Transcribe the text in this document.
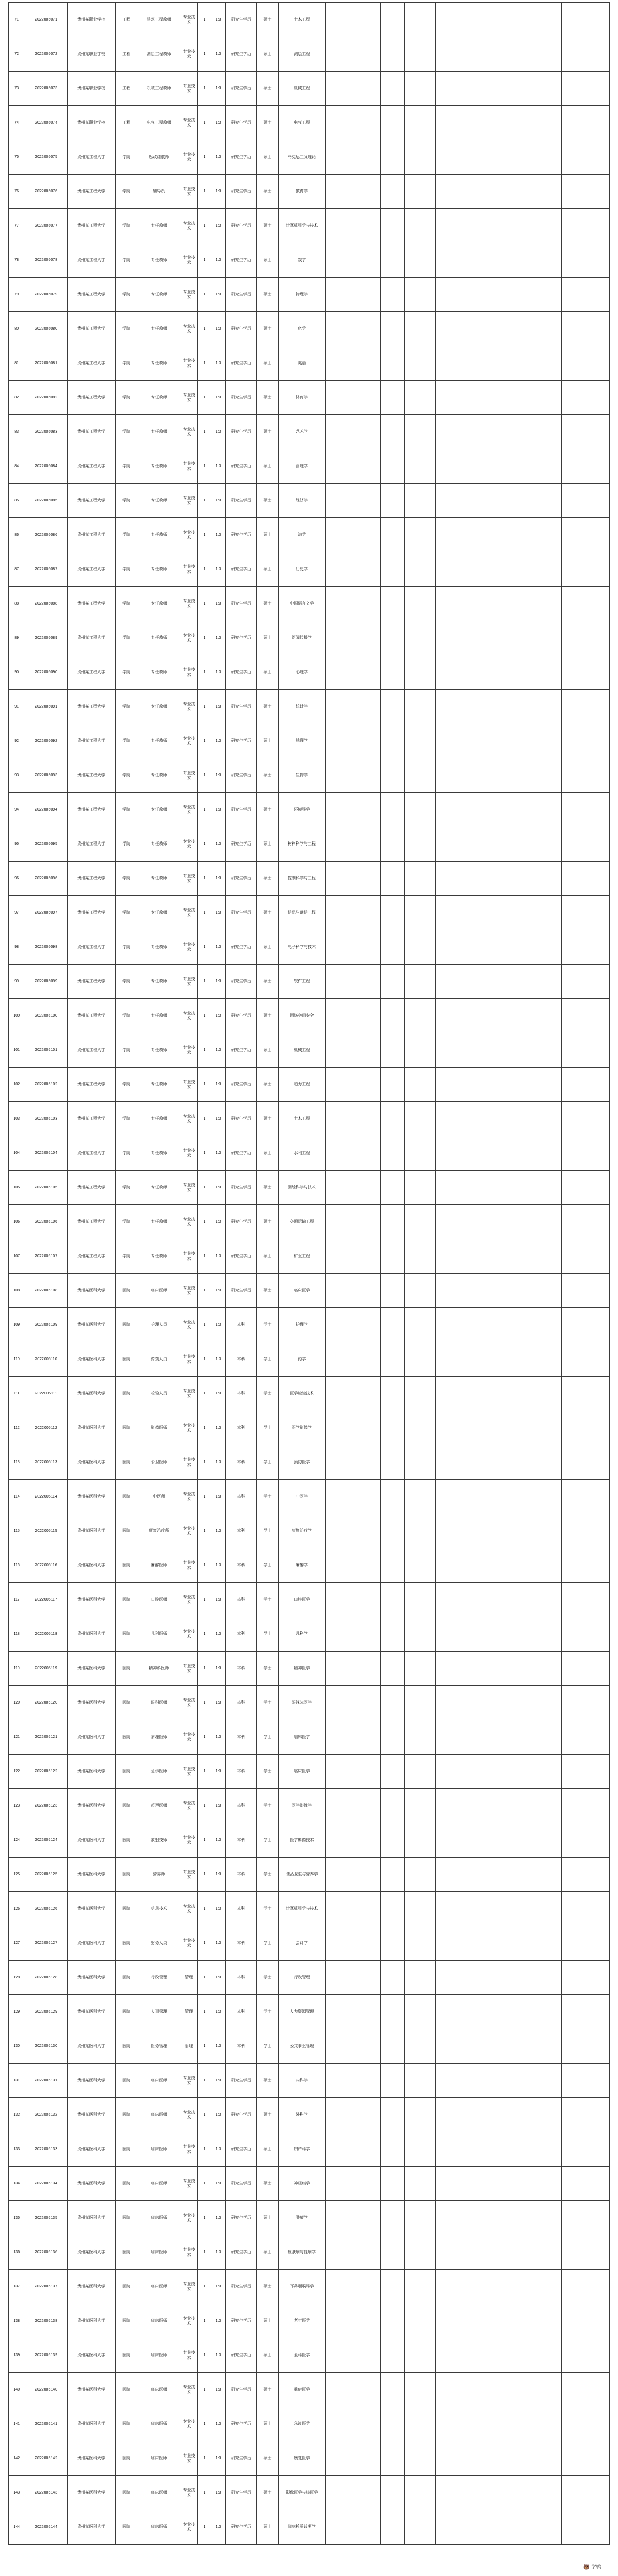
71	2022005071	贵州某职业学校	工程	建筑工程教师	专业技术	1	1:3	研究生学历	硕士	土木工程							
72	2022005072	贵州某职业学校	工程	测绘工程教师	专业技术	1	1:3	研究生学历	硕士	测绘工程							
73	2022005073	贵州某职业学校	工程	机械工程教师	专业技术	1	1:3	研究生学历	硕士	机械工程							
74	2022005074	贵州某职业学校	工程	电气工程教师	专业技术	1	1:3	研究生学历	硕士	电气工程							
75	2022005075	贵州某工程大学	学院	思政课教师	专业技术	1	1:3	研究生学历	硕士	马克思主义理论							
76	2022005076	贵州某工程大学	学院	辅导员	专业技术	1	1:3	研究生学历	硕士	教育学							
77	2022005077	贵州某工程大学	学院	专任教师	专业技术	1	1:3	研究生学历	硕士	计算机科学与技术							
78	2022005078	贵州某工程大学	学院	专任教师	专业技术	1	1:3	研究生学历	硕士	数学							
79	2022005079	贵州某工程大学	学院	专任教师	专业技术	1	1:3	研究生学历	硕士	物理学							
80	2022005080	贵州某工程大学	学院	专任教师	专业技术	1	1:3	研究生学历	硕士	化学							
81	2022005081	贵州某工程大学	学院	专任教师	专业技术	1	1:3	研究生学历	硕士	英语							
82	2022005082	贵州某工程大学	学院	专任教师	专业技术	1	1:3	研究生学历	硕士	体育学							
83	2022005083	贵州某工程大学	学院	专任教师	专业技术	1	1:3	研究生学历	硕士	艺术学							
84	2022005084	贵州某工程大学	学院	专任教师	专业技术	1	1:3	研究生学历	硕士	管理学							
85	2022005085	贵州某工程大学	学院	专任教师	专业技术	1	1:3	研究生学历	硕士	经济学							
86	2022005086	贵州某工程大学	学院	专任教师	专业技术	1	1:3	研究生学历	硕士	法学							
87	2022005087	贵州某工程大学	学院	专任教师	专业技术	1	1:3	研究生学历	硕士	历史学							
88	2022005088	贵州某工程大学	学院	专任教师	专业技术	1	1:3	研究生学历	硕士	中国语言文学							
89	2022005089	贵州某工程大学	学院	专任教师	专业技术	1	1:3	研究生学历	硕士	新闻传播学							
90	2022005090	贵州某工程大学	学院	专任教师	专业技术	1	1:3	研究生学历	硕士	心理学							
91	2022005091	贵州某工程大学	学院	专任教师	专业技术	1	1:3	研究生学历	硕士	统计学							
92	2022005092	贵州某工程大学	学院	专任教师	专业技术	1	1:3	研究生学历	硕士	地理学							
93	2022005093	贵州某工程大学	学院	专任教师	专业技术	1	1:3	研究生学历	硕士	生物学							
94	2022005094	贵州某工程大学	学院	专任教师	专业技术	1	1:3	研究生学历	硕士	环境科学							
95	2022005095	贵州某工程大学	学院	专任教师	专业技术	1	1:3	研究生学历	硕士	材料科学与工程							
96	2022005096	贵州某工程大学	学院	专任教师	专业技术	1	1:3	研究生学历	硕士	控制科学与工程							
97	2022005097	贵州某工程大学	学院	专任教师	专业技术	1	1:3	研究生学历	硕士	信息与通信工程							
98	2022005098	贵州某工程大学	学院	专任教师	专业技术	1	1:3	研究生学历	硕士	电子科学与技术							
99	2022005099	贵州某工程大学	学院	专任教师	专业技术	1	1:3	研究生学历	硕士	软件工程							
100	2022005100	贵州某工程大学	学院	专任教师	专业技术	1	1:3	研究生学历	硕士	网络空间安全							
101	2022005101	贵州某工程大学	学院	专任教师	专业技术	1	1:3	研究生学历	硕士	机械工程							
102	2022005102	贵州某工程大学	学院	专任教师	专业技术	1	1:3	研究生学历	硕士	动力工程							
103	2022005103	贵州某工程大学	学院	专任教师	专业技术	1	1:3	研究生学历	硕士	土木工程							
104	2022005104	贵州某工程大学	学院	专任教师	专业技术	1	1:3	研究生学历	硕士	水利工程							
105	2022005105	贵州某工程大学	学院	专任教师	专业技术	1	1:3	研究生学历	硕士	测绘科学与技术							
106	2022005106	贵州某工程大学	学院	专任教师	专业技术	1	1:3	研究生学历	硕士	交通运输工程							
107	2022005107	贵州某工程大学	学院	专任教师	专业技术	1	1:3	研究生学历	硕士	矿业工程							
108	2022005108	贵州某医科大学	医院	临床医师	专业技术	1	1:3	研究生学历	硕士	临床医学							
109	2022005109	贵州某医科大学	医院	护理人员	专业技术	1	1:3	本科	学士	护理学							
110	2022005110	贵州某医科大学	医院	药剂人员	专业技术	1	1:3	本科	学士	药学							
111	2022005111	贵州某医科大学	医院	检验人员	专业技术	1	1:3	本科	学士	医学检验技术							
112	2022005112	贵州某医科大学	医院	影像医师	专业技术	1	1:3	本科	学士	医学影像学							
113	2022005113	贵州某医科大学	医院	公卫医师	专业技术	1	1:3	本科	学士	预防医学							
114	2022005114	贵州某医科大学	医院	中医师	专业技术	1	1:3	本科	学士	中医学							
115	2022005115	贵州某医科大学	医院	康复治疗师	专业技术	1	1:3	本科	学士	康复治疗学							
116	2022005116	贵州某医科大学	医院	麻醉医师	专业技术	1	1:3	本科	学士	麻醉学							
117	2022005117	贵州某医科大学	医院	口腔医师	专业技术	1	1:3	本科	学士	口腔医学							
118	2022005118	贵州某医科大学	医院	儿科医师	专业技术	1	1:3	本科	学士	儿科学							
119	2022005119	贵州某医科大学	医院	精神科医师	专业技术	1	1:3	本科	学士	精神医学							
120	2022005120	贵州某医科大学	医院	眼科医师	专业技术	1	1:3	本科	学士	眼视光医学							
121	2022005121	贵州某医科大学	医院	病理医师	专业技术	1	1:3	本科	学士	临床医学							
122	2022005122	贵州某医科大学	医院	急诊医师	专业技术	1	1:3	本科	学士	临床医学							
123	2022005123	贵州某医科大学	医院	超声医师	专业技术	1	1:3	本科	学士	医学影像学							
124	2022005124	贵州某医科大学	医院	放射技师	专业技术	1	1:3	本科	学士	医学影像技术							
125	2022005125	贵州某医科大学	医院	营养师	专业技术	1	1:3	本科	学士	食品卫生与营养学							
126	2022005126	贵州某医科大学	医院	信息技术	专业技术	1	1:3	本科	学士	计算机科学与技术							
127	2022005127	贵州某医科大学	医院	财务人员	专业技术	1	1:3	本科	学士	会计学							
128	2022005128	贵州某医科大学	医院	行政管理	管理	1	1:3	本科	学士	行政管理							
129	2022005129	贵州某医科大学	医院	人事管理	管理	1	1:3	本科	学士	人力资源管理							
130	2022005130	贵州某医科大学	医院	医务管理	管理	1	1:3	本科	学士	公共事业管理							
131	2022005131	贵州某医科大学	医院	临床医师	专业技术	1	1:3	研究生学历	硕士	内科学							
132	2022005132	贵州某医科大学	医院	临床医师	专业技术	1	1:3	研究生学历	硕士	外科学							
133	2022005133	贵州某医科大学	医院	临床医师	专业技术	1	1:3	研究生学历	硕士	妇产科学							
134	2022005134	贵州某医科大学	医院	临床医师	专业技术	1	1:3	研究生学历	硕士	神经病学							
135	2022005135	贵州某医科大学	医院	临床医师	专业技术	1	1:3	研究生学历	硕士	肿瘤学							
136	2022005136	贵州某医科大学	医院	临床医师	专业技术	1	1:3	研究生学历	硕士	皮肤病与性病学							
137	2022005137	贵州某医科大学	医院	临床医师	专业技术	1	1:3	研究生学历	硕士	耳鼻咽喉科学							
138	2022005138	贵州某医科大学	医院	临床医师	专业技术	1	1:3	研究生学历	硕士	老年医学							
139	2022005139	贵州某医科大学	医院	临床医师	专业技术	1	1:3	研究生学历	硕士	全科医学							
140	2022005140	贵州某医科大学	医院	临床医师	专业技术	1	1:3	研究生学历	硕士	重症医学							
141	2022005141	贵州某医科大学	医院	临床医师	专业技术	1	1:3	研究生学历	硕士	急诊医学							
142	2022005142	贵州某医科大学	医院	临床医师	专业技术	1	1:3	研究生学历	硕士	康复医学							
143	2022005143	贵州某医科大学	医院	临床医师	专业技术	1	1:3	研究生学历	硕士	影像医学与核医学							
144	2022005144	贵州某医科大学	医院	临床医师	专业技术	1	1:3	研究生学历	硕士	临床检验诊断学							
🐻 学鸭
